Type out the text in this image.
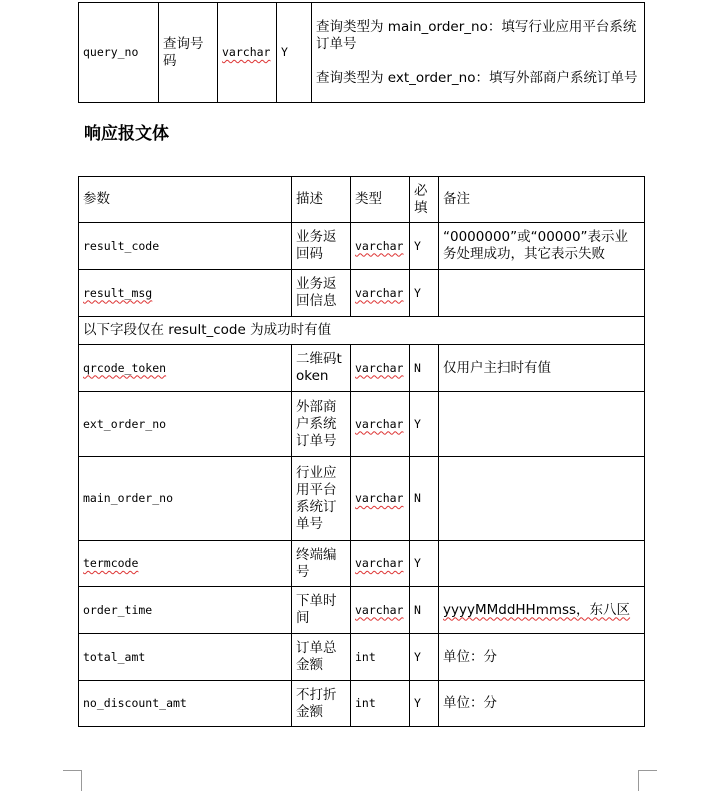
query_no	查询号码	varchar	Y	
查询类型为 main_order_no：填写行业应用平台系统订单号
查询类型为 ext_order_no：填写外部商户系统订单号
响应报文体
参数	描述	类型	必填	备注
result_code	业务返回码	varchar	Y	“0000000”或“00000”表示业务处理成功，其它表示失败
result_msg	业务返回信息	varchar	Y	
以下字段仅在 result_code 为成功时有值				
qrcode_token	二维码token	varchar	N	仅用户主扫时有值
ext_order_no	外部商户系统订单号	varchar	Y	
main_order_no	行业应用平台系统订单号	varchar	N	
termcode	终端编号	varchar	Y	
order_time	下单时间	varchar	N	yyyyMMddHHmmss，东八区
total_amt	订单总金额	int	Y	单位：分
no_discount_amt	不打折金额	int	Y	单位：分
